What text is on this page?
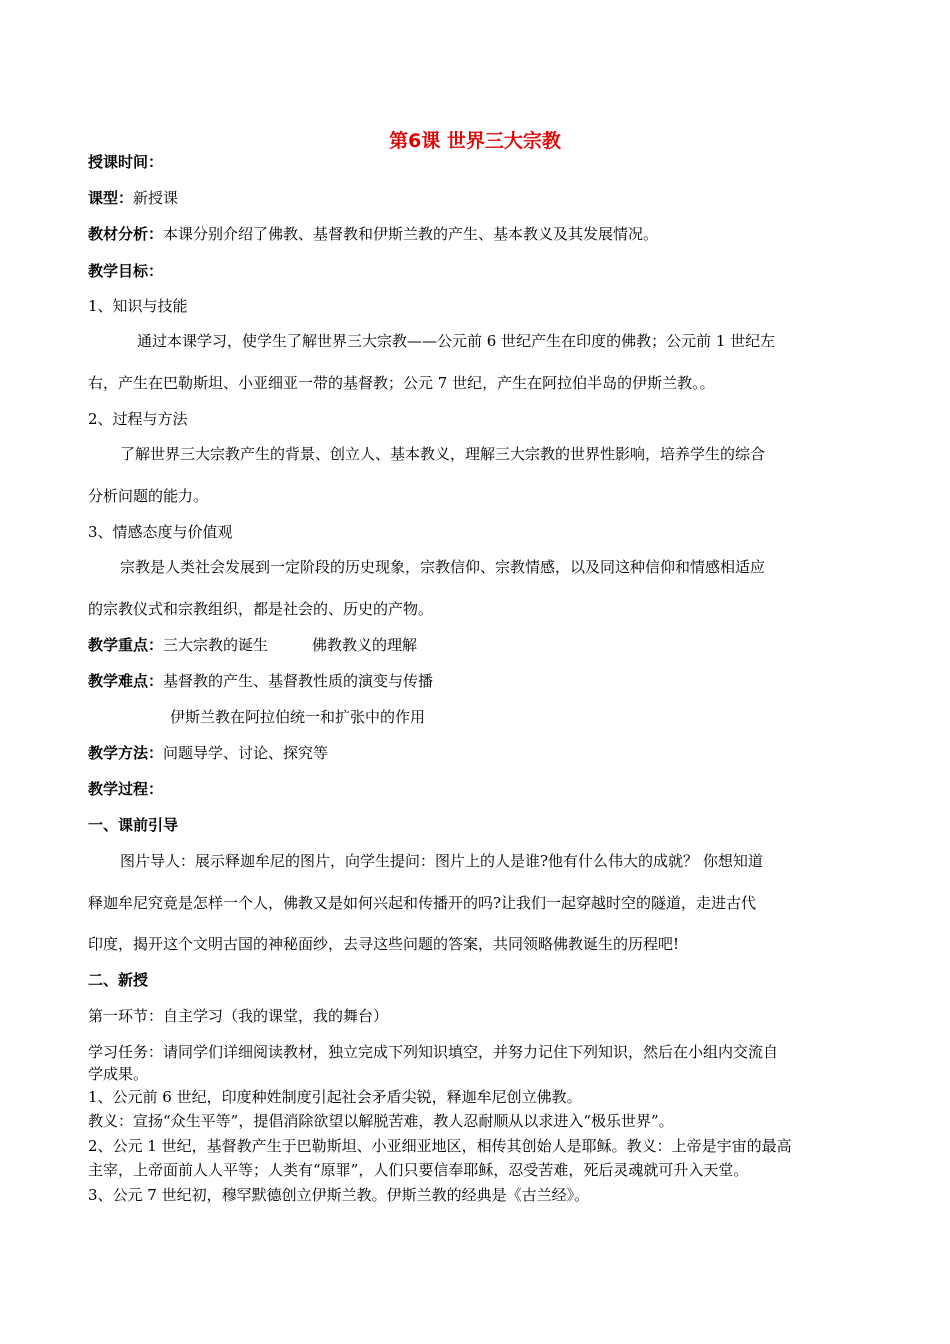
第6课 世界三大宗教
授课时间：
课型：新授课
教材分析：本课分别介绍了佛教、基督教和伊斯兰教的产生、基本教义及其发展情况。
教学目标：
1、知识与技能
通过本课学习，使学生了解世界三大宗教——公元前 6 世纪产生在印度的佛教；公元前 1 世纪左
右，产生在巴勒斯坦、小亚细亚一带的基督教；公元 7 世纪，产生在阿拉伯半岛的伊斯兰教。。
2、过程与方法
了解世界三大宗教产生的背景、创立人、基本教义，理解三大宗教的世界性影响，培养学生的综合
分析问题的能力。
3、情感态度与价值观
宗教是人类社会发展到一定阶段的历史现象，宗教信仰、宗教情感，以及同这种信仰和情感相适应
的宗教仪式和宗教组织，都是社会的、历史的产物。
教学重点：三大宗教的诞生	佛教教义的理解
教学难点：基督教的产生、基督教性质的演变与传播
伊斯兰教在阿拉伯统一和扩张中的作用
教学方法：问题导学、讨论、探究等
教学过程：
一、课前引导
图片导人：展示释迦牟尼的图片，向学生提问：图片上的人是谁?他有什么伟大的成就？ 你想知道
释迦牟尼究竟是怎样一个人，佛教又是如何兴起和传播开的吗?让我们一起穿越时空的隧道，走进古代
印度，揭开这个文明古国的神秘面纱，去寻这些问题的答案，共同领略佛教诞生的历程吧!
二、新授
第一环节：自主学习（我的课堂，我的舞台）
学习任务：请同学们详细阅读教材，独立完成下列知识填空，并努力记住下列知识，然后在小组内交流自
学成果。
1、公元前 6 世纪，印度种姓制度引起社会矛盾尖锐，释迦牟尼创立佛教。
教义：宣扬“众生平等”，提倡消除欲望以解脱苦难，教人忍耐顺从以求进入“极乐世界”。
2、公元 1 世纪，基督教产生于巴勒斯坦、小亚细亚地区，相传其创始人是耶稣。教义：上帝是宇宙的最高
主宰，上帝面前人人平等；人类有“原罪”，人们只要信奉耶稣，忍受苦难，死后灵魂就可升入天堂。
3、公元 7 世纪初，穆罕默德创立伊斯兰教。伊斯兰教的经典是《古兰经》。
